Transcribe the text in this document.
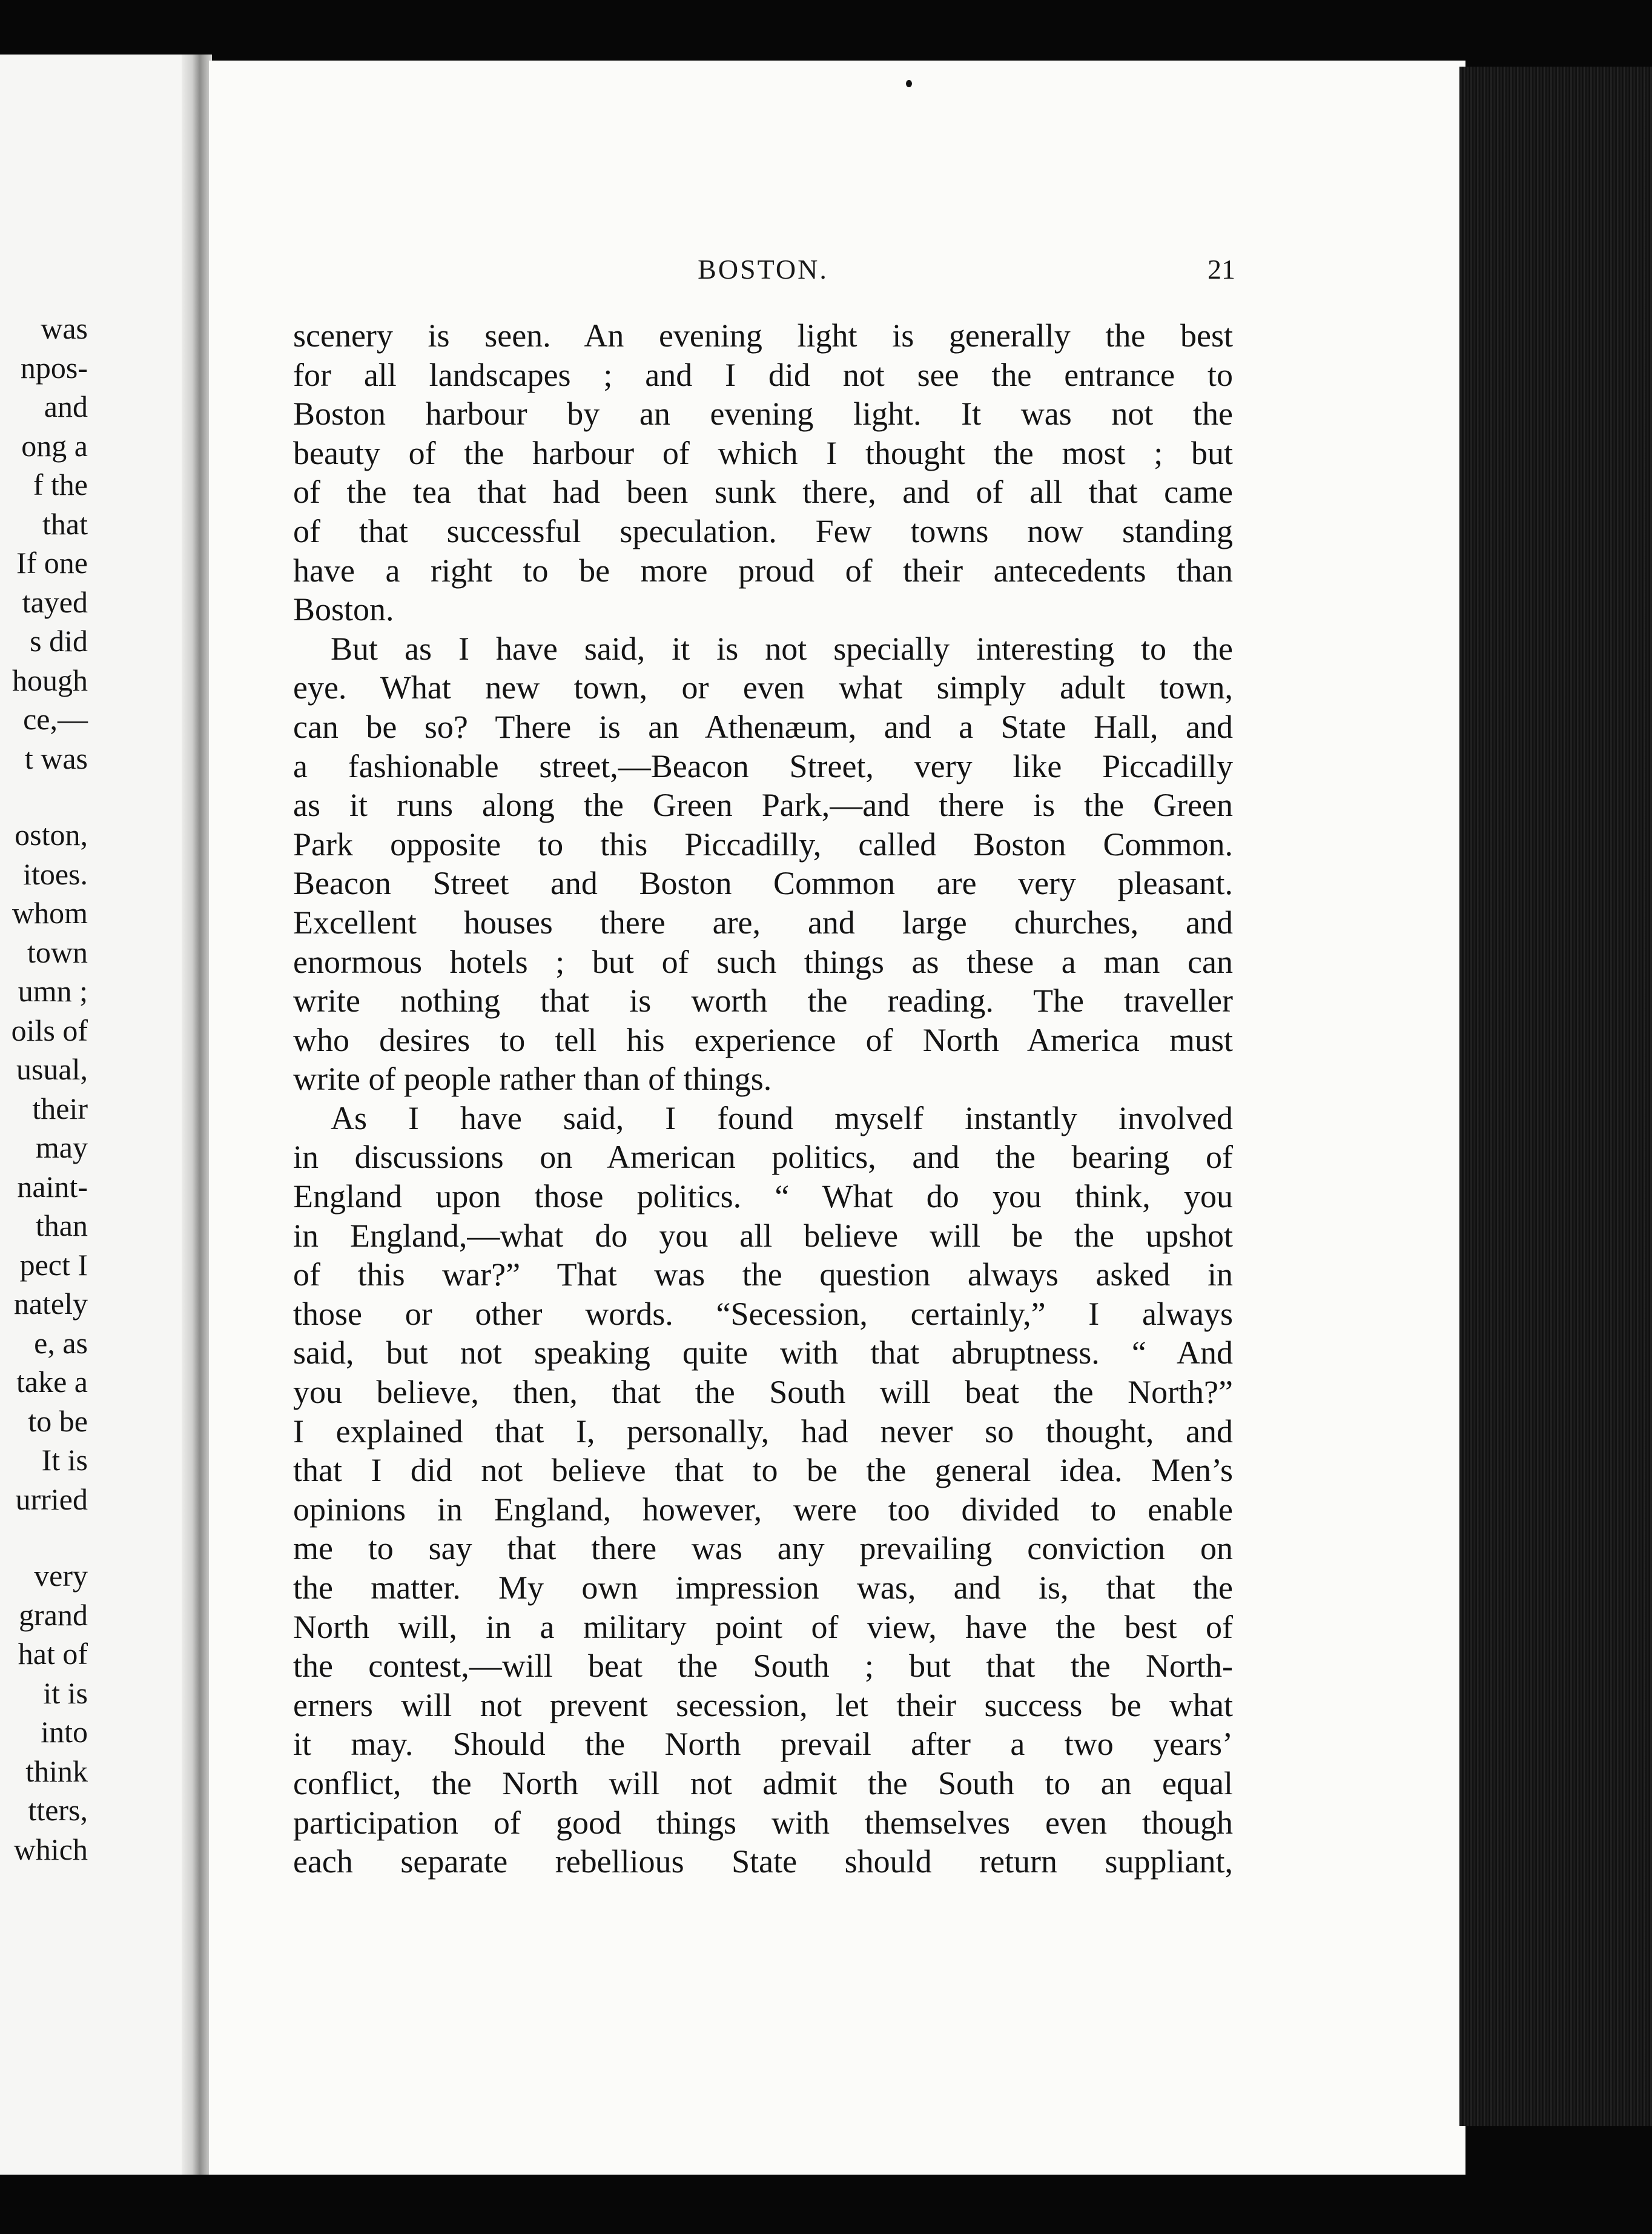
was
npos-
and
ong a
f the
that
If one
tayed
s did
hough
ce,—
t was
oston,
itoes.
whom
town
umn ;
oils of
usual,
their
may
naint-
than
pect I
nately
e, as
take a
to be
It is
urried
very
grand
hat of
it is
into
think
tters,
which
BOSTON.	21
scenery is seen. An evening light is generally the best
for all landscapes ; and I did not see the entrance to
Boston harbour by an evening light. It was not the
beauty of the harbour of which I thought the most ; but
of the tea that had been sunk there, and of all that came
of that successful speculation. Few towns now standing
have a right to be more proud of their antecedents than
Boston.
But as I have said, it is not specially interesting to the
eye. What new town, or even what simply adult town,
can be so? There is an Athenæum, and a State Hall, and
a fashionable street,—Beacon Street, very like Piccadilly
as it runs along the Green Park,—and there is the Green
Park opposite to this Piccadilly, called Boston Common.
Beacon Street and Boston Common are very pleasant.
Excellent houses there are, and large churches, and
enormous hotels ; but of such things as these a man can
write nothing that is worth the reading. The traveller
who desires to tell his experience of North America must
write of people rather than of things.
As I have said, I found myself instantly involved
in discussions on American politics, and the bearing of
England upon those politics. “ What do you think, you
in England,—what do you all believe will be the upshot
of this war?” That was the question always asked in
those or other words. “Secession, certainly,” I always
said, but not speaking quite with that abruptness. “ And
you believe, then, that the South will beat the North?”
I explained that I, personally, had never so thought, and
that I did not believe that to be the general idea. Men’s
opinions in England, however, were too divided to enable
me to say that there was any prevailing conviction on
the matter. My own impression was, and is, that the
North will, in a military point of view, have the best of
the contest,—will beat the South ; but that the North-
erners will not prevent secession, let their success be what
it may. Should the North prevail after a two years’
conflict, the North will not admit the South to an equal
participation of good things with themselves even though
each separate rebellious State should return suppliant,
